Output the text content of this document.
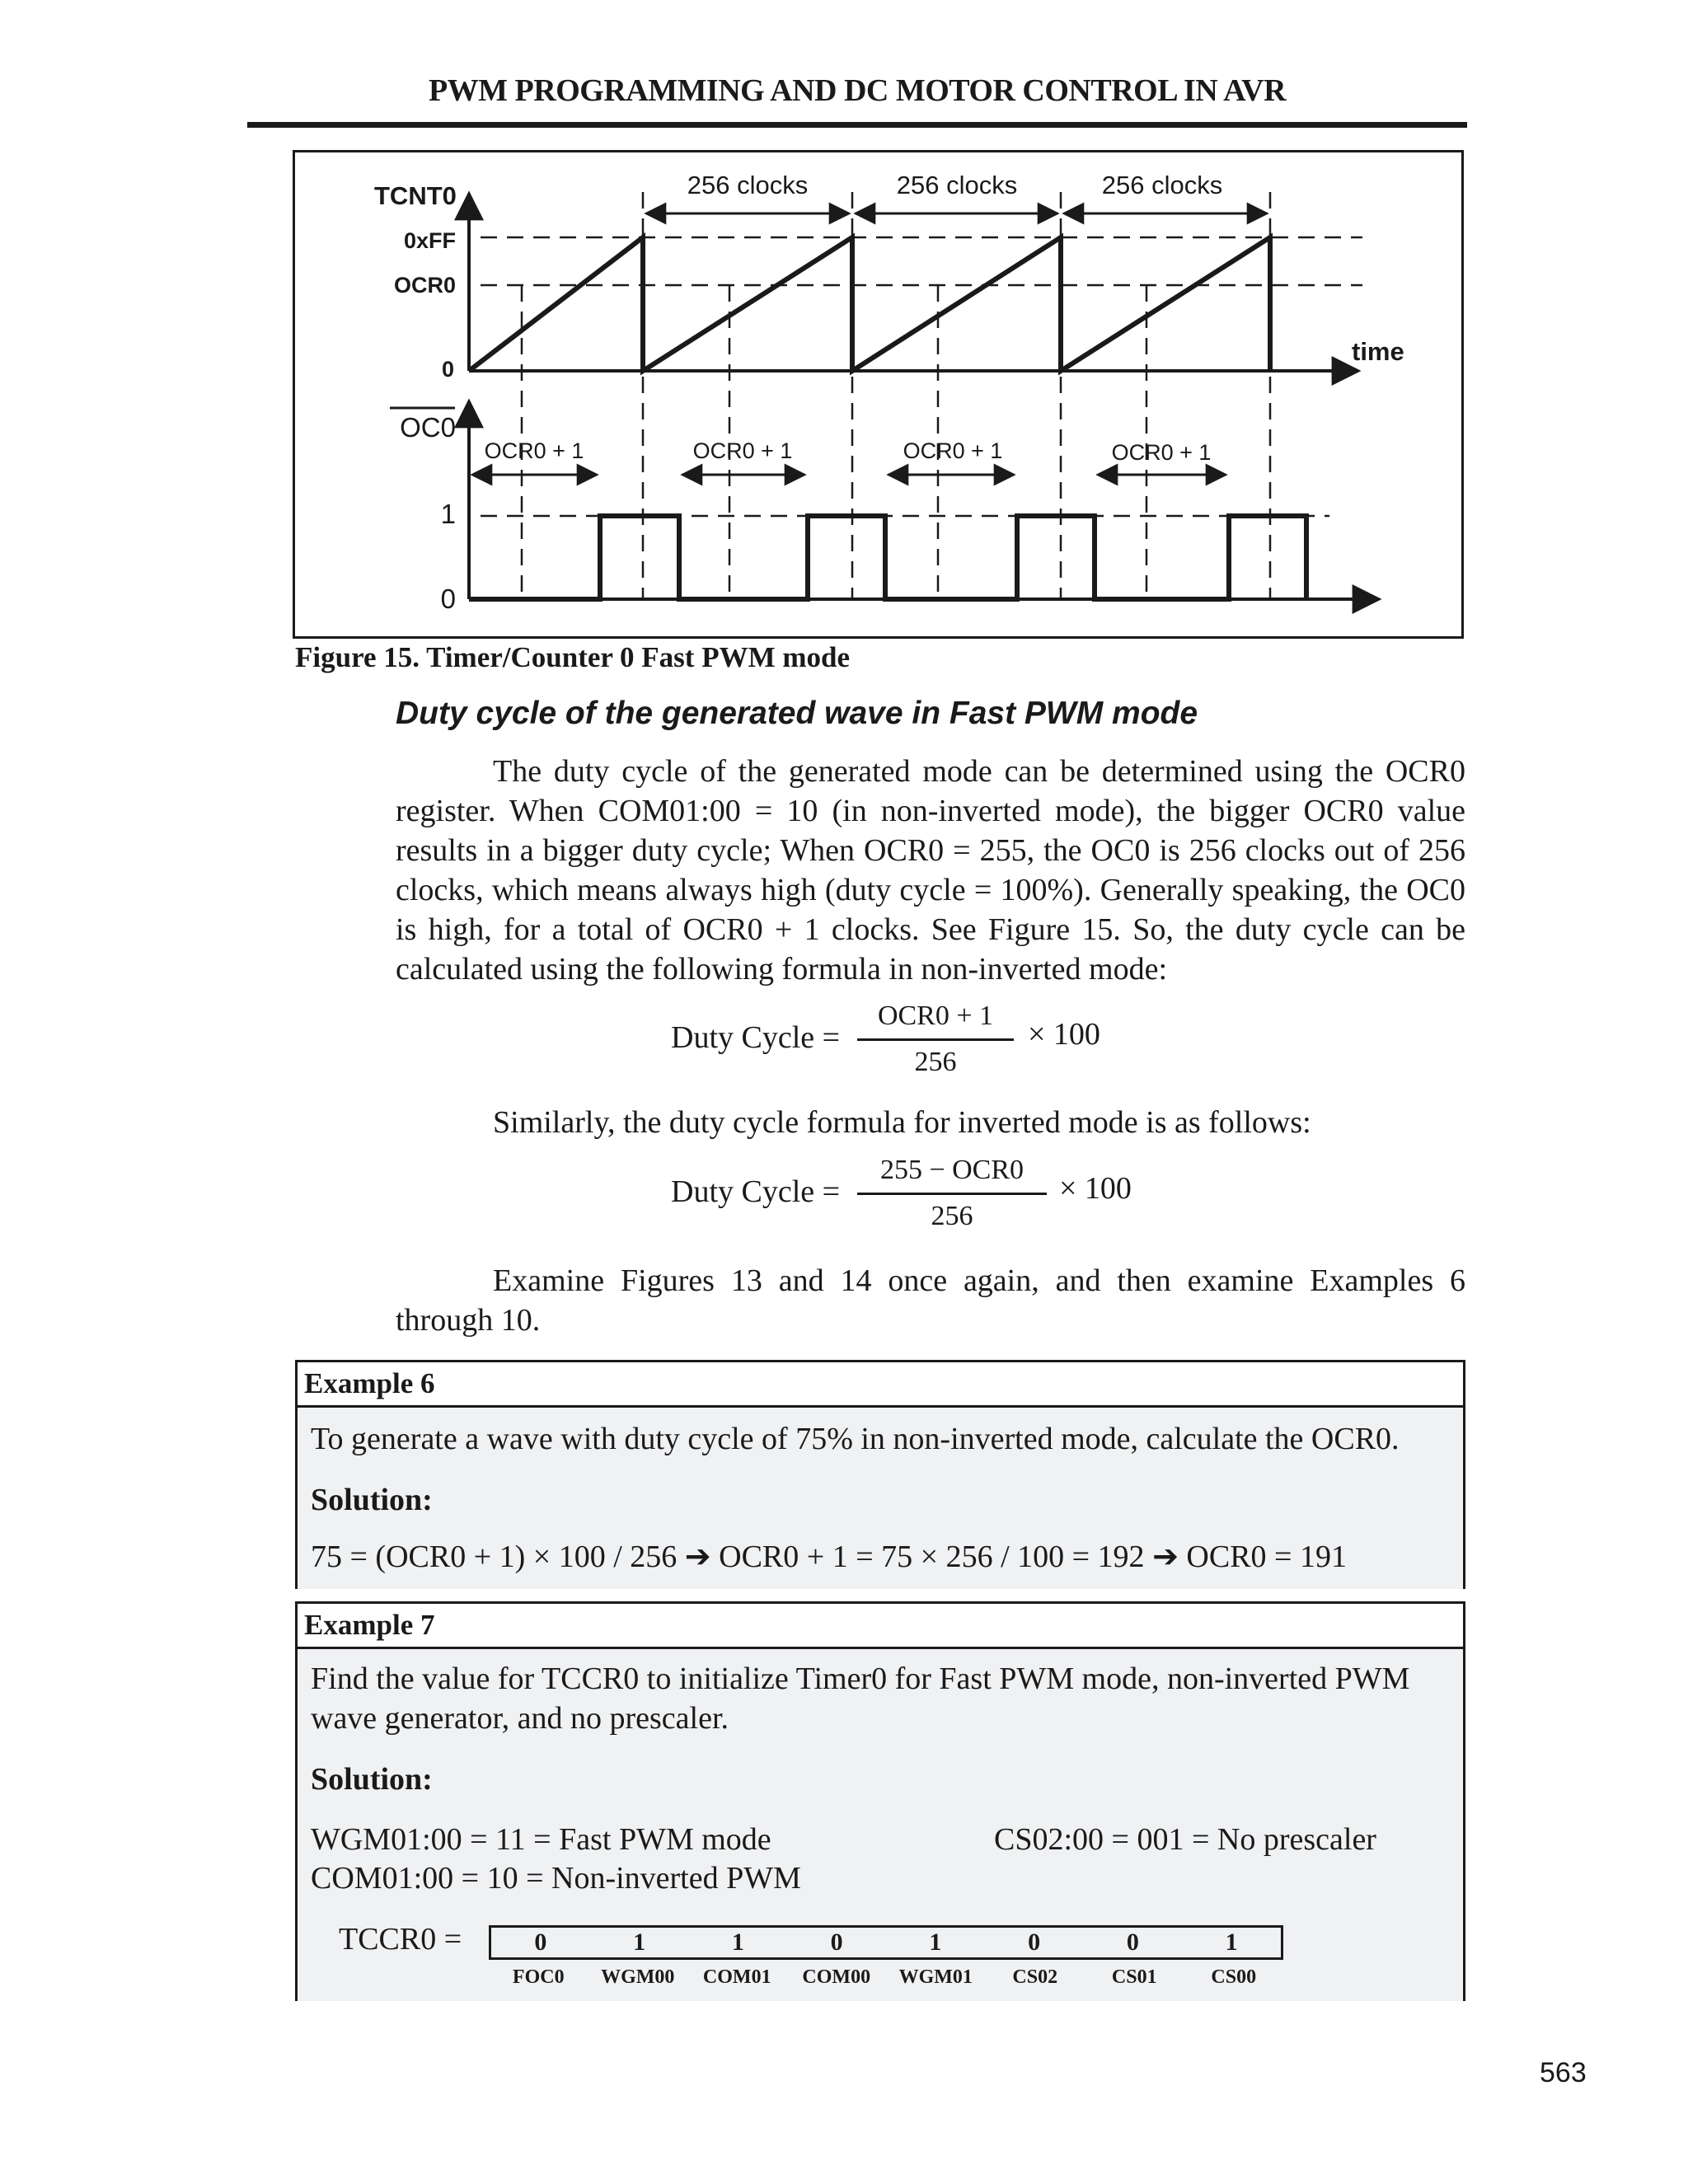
PWM PROGRAMMING AND DC MOTOR CONTROL IN AVR
TCNT0
0xFF
OCR0
0
time
OC0
1
0
256 clocks	256 clocks	256 clocks
OCR0 + 1	OCR0 + 1	OCR0 + 1	OCR0 + 1
Figure 15. Timer/Counter 0 Fast PWM mode
Duty cycle of the generated wave in Fast PWM mode
The duty cycle of the generated mode can be determined using the OCR0 register. When COM01:00 = 10 (in non-inverted mode), the bigger OCR0 value results in a bigger duty cycle; When OCR0 = 255, the OC0 is 256 clocks out of 256 clocks, which means always high (duty cycle = 100%). Generally speaking, the OC0 is high, for a total of OCR0 + 1 clocks. See Figure 15. So, the duty cycle can be calculated using the following formula in non-inverted mode:
Duty Cycle =
OCR0 + 1
256
× 100
Similarly, the duty cycle formula for inverted mode is as follows:
Duty Cycle =
255 − OCR0
256
× 100
Examine Figures 13 and 14 once again, and then examine Examples 6 through 10.
Example 6
To generate a wave with duty cycle of 75% in non-inverted mode, calculate the OCR0.
Solution:
75 = (OCR0 + 1) × 100 / 256 ➔ OCR0 + 1 = 75 × 256 / 100 = 192 ➔ OCR0 = 191
Example 7
Find the value for TCCR0 to initialize Timer0 for Fast PWM mode, non-inverted PWM wave generator, and no prescaler.
Solution:
WGM01:00 = 11 = Fast PWM mode	CS02:00 = 001 = No prescaler
COM01:00 = 10 = Non-inverted PWM
TCCR0 =	0	1	1	0	1	0	0	1
FOC0	WGM00	COM01	COM00	WGM01	CS02	CS01	CS00
563
